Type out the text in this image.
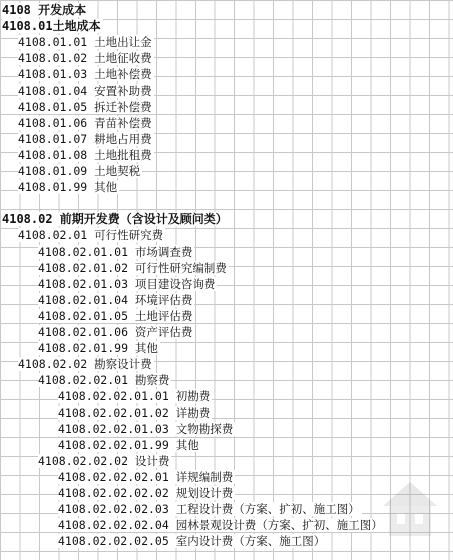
4108 开发成本
4108.01土地成本
4108.01.01 土地出让金
4108.01.02 土地征收费
4108.01.03 土地补偿费
4108.01.04 安置补助费
4108.01.05 拆迁补偿费
4108.01.06 青苗补偿费
4108.01.07 耕地占用费
4108.01.08 土地批租费
4108.01.09 土地契税
4108.01.99 其他
4108.02 前期开发费（含设计及顾问类）
4108.02.01 可行性研究费
4108.02.01.01 市场调查费
4108.02.01.02 可行性研究编制费
4108.02.01.03 项目建设咨询费
4108.02.01.04 环境评估费
4108.02.01.05 土地评估费
4108.02.01.06 资产评估费
4108.02.01.99 其他
4108.02.02 勘察设计费
4108.02.02.01 勘察费
4108.02.02.01.01 初勘费
4108.02.02.01.02 详勘费
4108.02.02.01.03 文物勘探费
4108.02.02.01.99 其他
4108.02.02.02 设计费
4108.02.02.02.01 详规编制费
4108.02.02.02.02 规划设计费
4108.02.02.02.03 工程设计费（方案、扩初、施工图）
4108.02.02.02.04 园林景观设计费（方案、扩初、施工图）
4108.02.02.02.05 室内设计费（方案、施工图）
